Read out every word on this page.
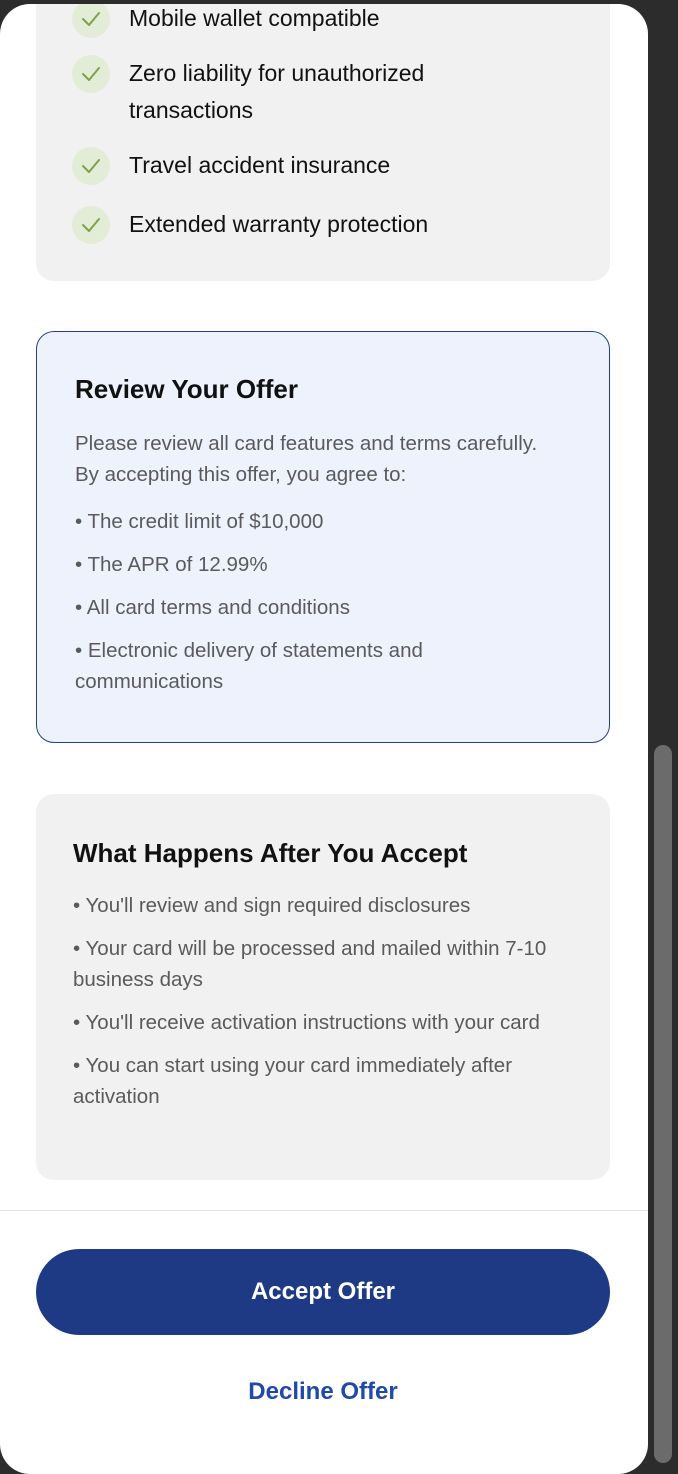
Mobile wallet compatible
Zero liability for unauthorized transactions
Travel accident insurance
Extended warranty protection
Review Your Offer
Please review all card features and terms carefully. By accepting this offer, you agree to:
• The credit limit of $10,000
• The APR of 12.99%
• All card terms and conditions
• Electronic delivery of statements and communications
What Happens After You Accept
• You'll review and sign required disclosures
• Your card will be processed and mailed within 7-10 business days
• You'll receive activation instructions with your card
• You can start using your card immediately after activation
Accept Offer
Decline Offer
